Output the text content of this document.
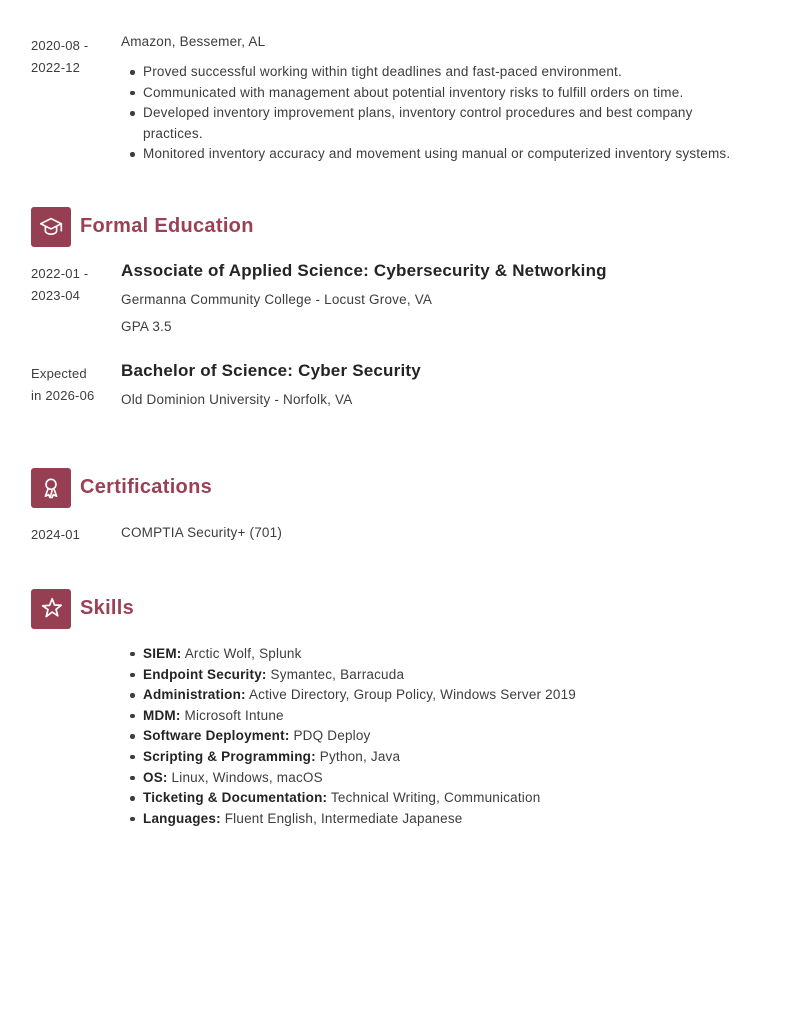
2020-08 -
2022-12

Amazon, Bessemer, AL

Proved successful working within tight deadlines and fast-paced environment.
Communicated with management about potential inventory risks to fulfill orders on time.
Developed inventory improvement plans, inventory control procedures and best company practices.
Monitored inventory accuracy and movement using manual or computerized inventory systems.
Formal Education
2022-01 -
2023-04
Associate of Applied Science: Cybersecurity & Networking

Germanna Community College - Locust Grove, VA

GPA 3.5

Expected
in 2026-06
Bachelor of Science: Cyber Security

Old Dominion University - Norfolk, VA

Certifications
2024-01	COMPTIA Security+ (701)

Skills
SIEM: Arctic Wolf, Splunk
Endpoint Security: Symantec, Barracuda
Administration: Active Directory, Group Policy, Windows Server 2019
MDM: Microsoft Intune
Software Deployment: PDQ Deploy
Scripting & Programming: Python, Java
OS: Linux, Windows, macOS
Ticketing & Documentation: Technical Writing, Communication
Languages: Fluent English, Intermediate Japanese
